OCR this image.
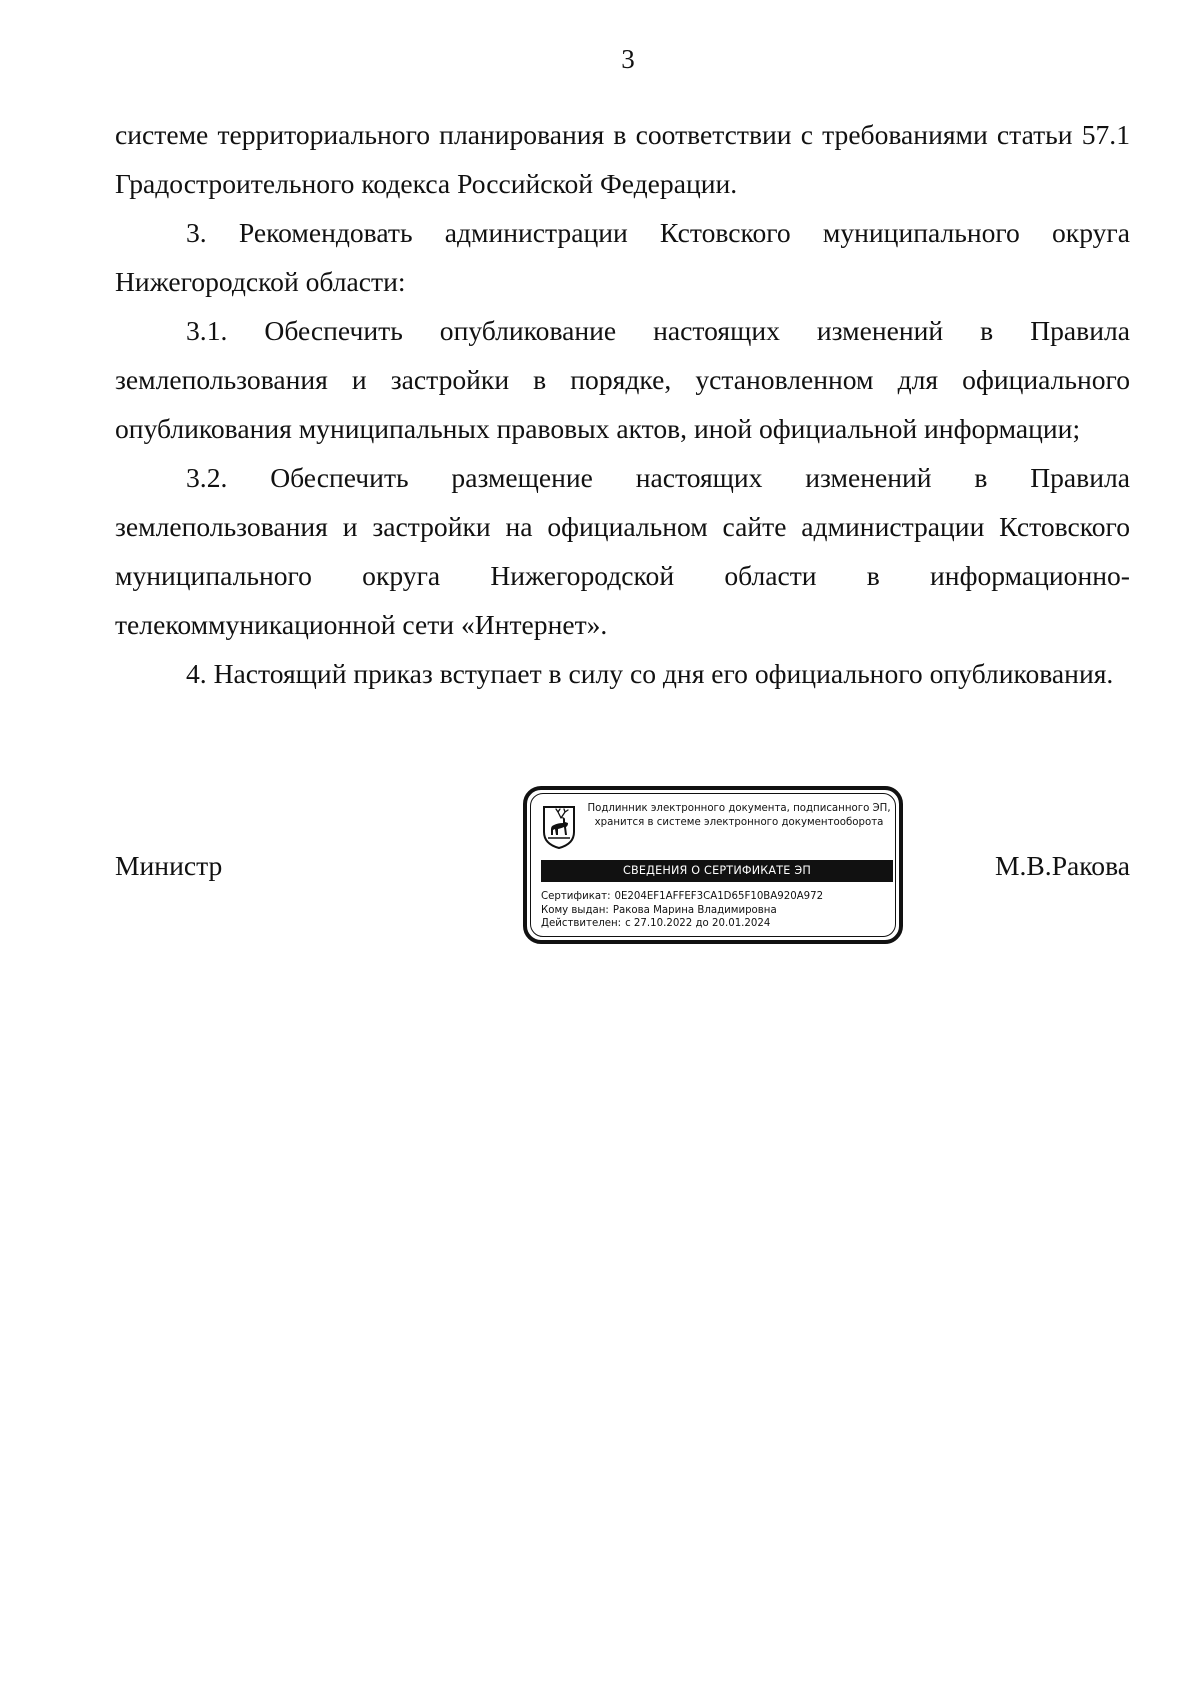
3

системе территориального планирования в соответствии с требованиями статьи 57.1 Градостроительного кодекса Российской Федерации.

3. Рекомендовать администрации Кстовского муниципального округа Нижегородской области:

3.1. Обеспечить опубликование настоящих изменений в Правила землепользования и застройки в порядке, установленном для официального опубликования муниципальных правовых актов, иной официальной информации;

3.2. Обеспечить размещение настоящих изменений в Правила землепользования и застройки на официальном сайте администрации Кстовского муниципального округа Нижегородской области в информационно-телекоммуникационной сети «Интернет».

4. Настоящий приказ вступает в силу со дня его официального опубликования.

Министр	М.В.Ракова
Подлинник электронного документа, подписанного ЭП,
хранится в системе электронного документооборота
СВЕДЕНИЯ О СЕРТИФИКАТЕ ЭП
Сертификат: 0E204EF1AFFEF3CA1D65F10BA920A972
Кому выдан: Ракова Марина Владимировна
Действителен: с 27.10.2022 до 20.01.2024
